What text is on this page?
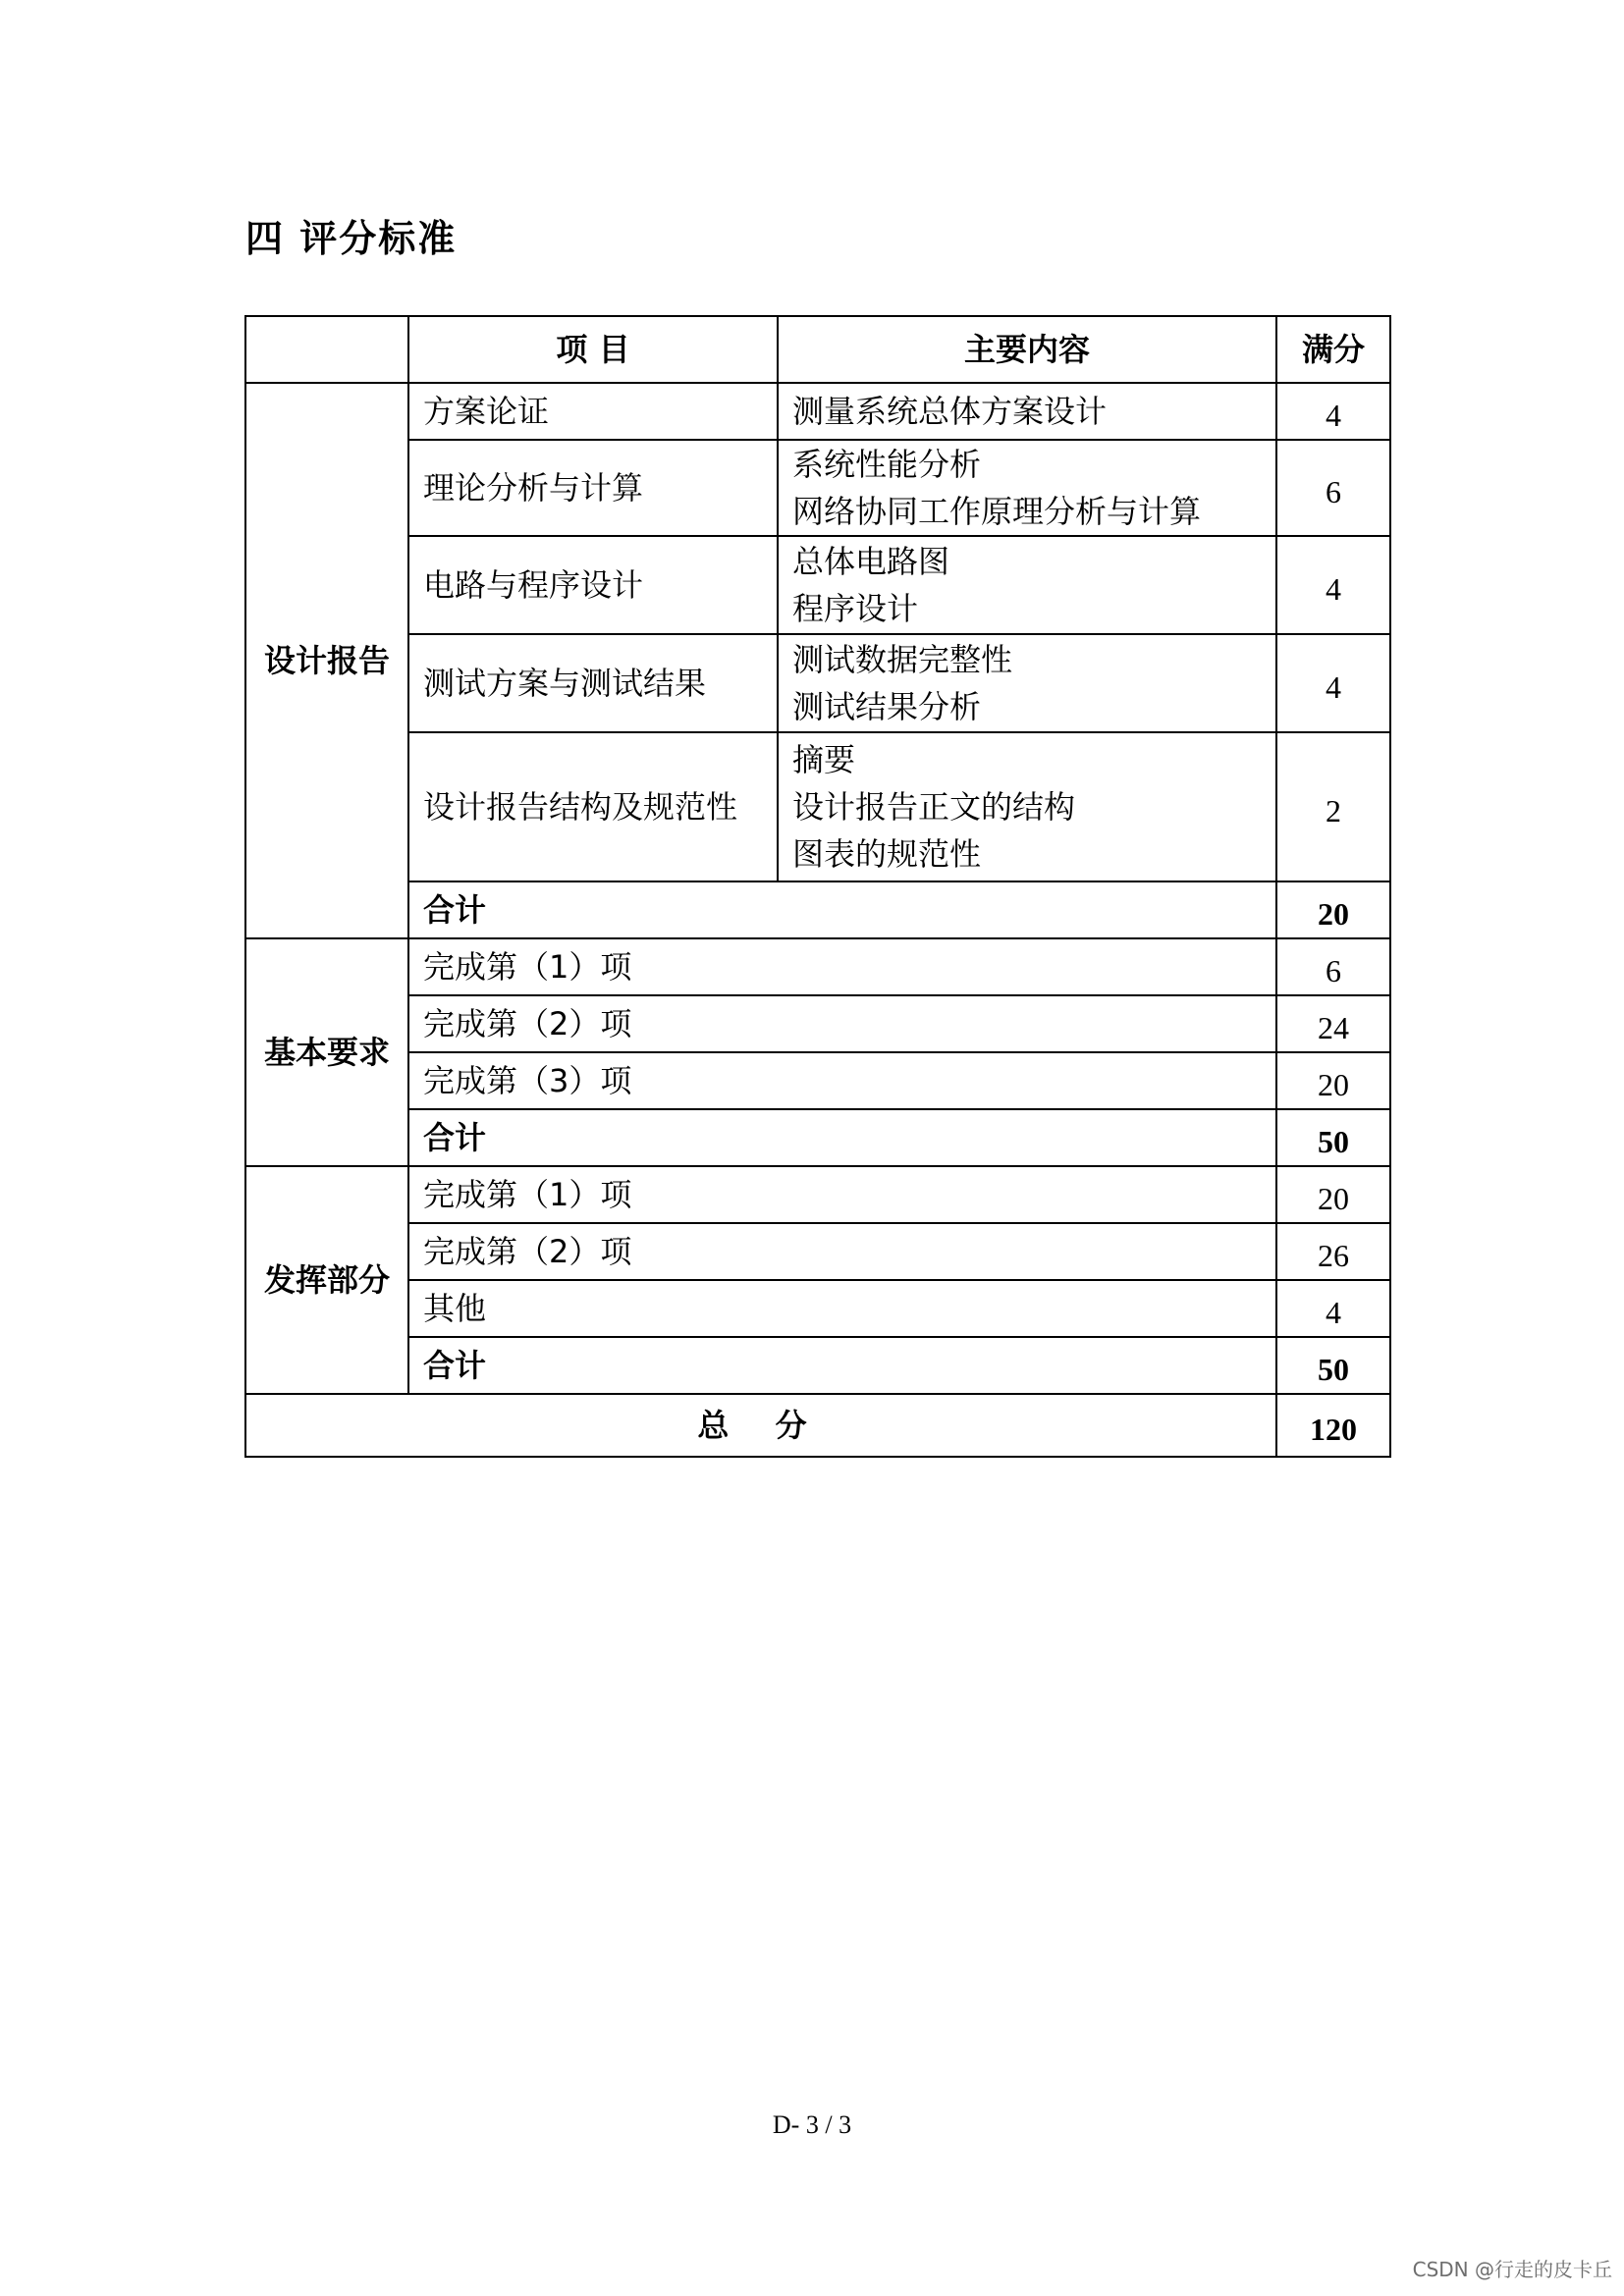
四 评分标准
	项 目	主要内容	满分
设计报告	方案论证	测量系统总体方案设计	4
	理论分析与计算	系统性能分析
网络协同工作原理分析与计算	6
	电路与程序设计	总体电路图
程序设计	4
	测试方案与测试结果	测试数据完整性
测试结果分析	4
	设计报告结构及规范性	摘要
设计报告正文的结构
图表的规范性	2
	合计		20
基本要求	完成第（1）项		6
	完成第（2）项		24
	完成第（3）项		20
	合计		50
发挥部分	完成第（1）项		20
	完成第（2）项		26
	其他		4
	合计		50
总 分			120
D- 3 / 3
CSDN @行走的皮卡丘
